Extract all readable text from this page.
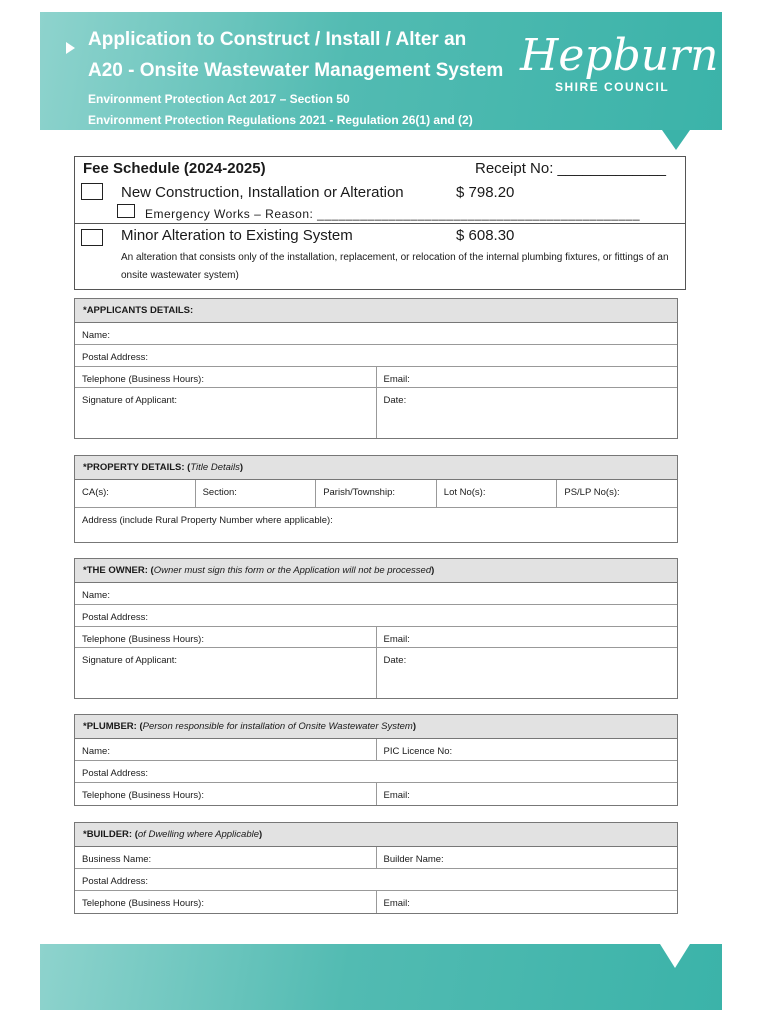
Application to Construct / Install / Alter an
A20 - Onsite Wastewater Management System
Environment Protection Act 2017 – Section 50
Environment Protection Regulations 2021 - Regulation 26(1) and (2)
Hepburn
SHIRE COUNCIL
Fee Schedule (2024-2025)	Receipt No: _____________
New Construction, Installation or Alteration	$ 798.20
Emergency Works – Reason: _____________________________________________
Minor Alteration to Existing System	$ 608.30
An alteration that consists only of the installation, replacement, or relocation of the internal plumbing fixtures, or fittings of an onsite wastewater system)
*APPLICANTS DETAILS:
Name:
Postal Address:
Telephone (Business Hours):	Email:
Signature of Applicant:	Date:
*PROPERTY DETAILS: (Title Details)
CA(s):	Section:	Parish/Township:	Lot No(s):	PS/LP No(s):
Address (include Rural Property Number where applicable):
*THE OWNER: (Owner must sign this form or the Application will not be processed)
Name:
Postal Address:
Telephone (Business Hours):	Email:
Signature of Applicant:	Date:
*PLUMBER: (Person responsible for installation of Onsite Wastewater System)
Name:	PIC Licence No:
Postal Address:
Telephone (Business Hours):	Email:
*BUILDER: (of Dwelling where Applicable)
Business Name:	Builder Name:
Postal Address:
Telephone (Business Hours):	Email:
